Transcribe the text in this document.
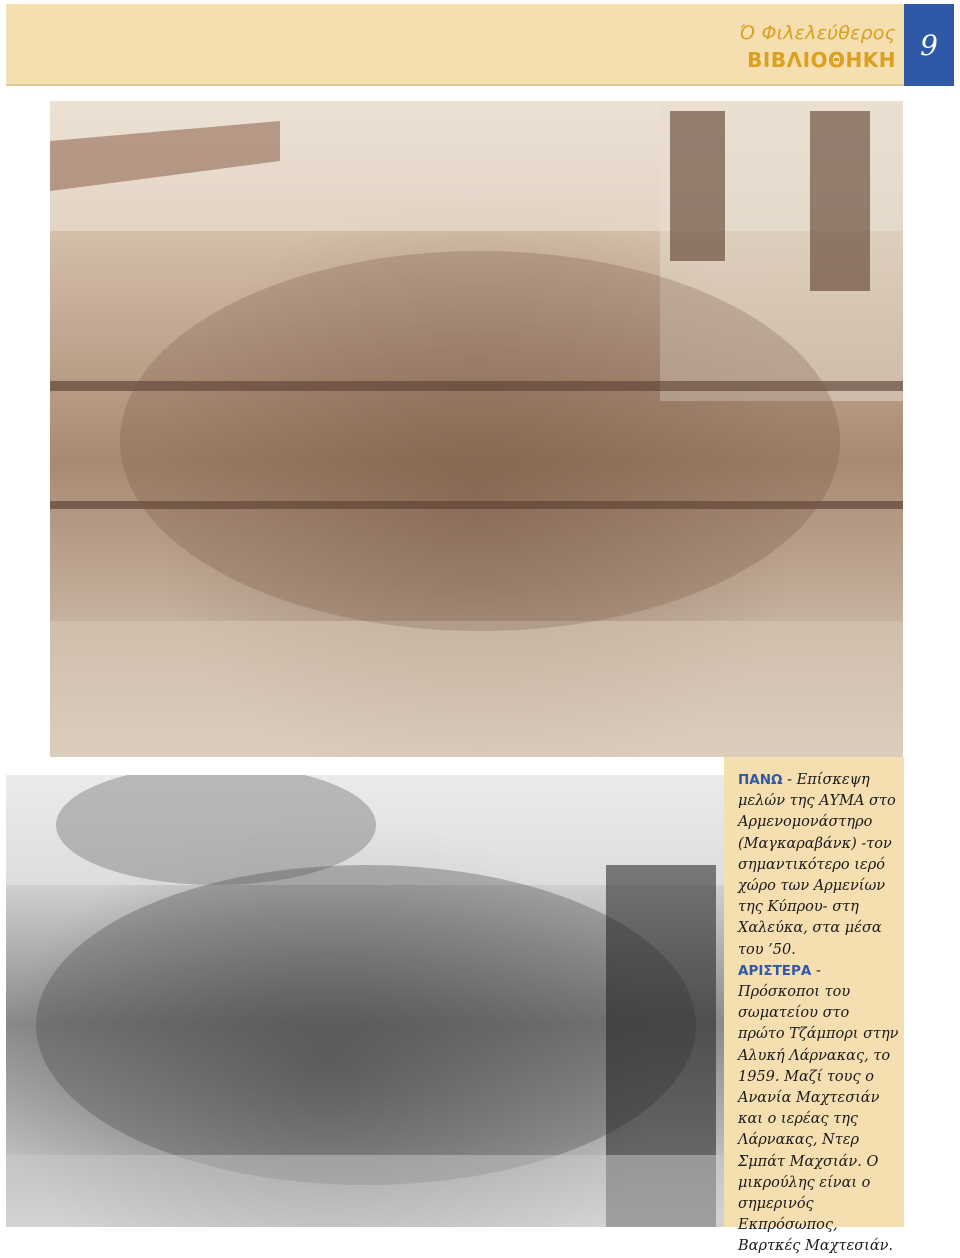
Ό Φιλελεύθερος
ΒΙΒΛΙΟΘΗΚΗ 9

ΠΑΝΩ - Επίσκεψη μελών της ΑΥΜΑ στο Αρμενομονάστηρο (Μαγκαραβάνκ) -τον σημαντικότερο ιερό χώρο των Αρμενίων της Κύπρου- στη Χαλεύκα, στα μέσα του ’50.

ΑΡΙΣΤΕΡΑ - Πρόσκοποι του σωματείου στο πρώτο Τζάμπορι στην Αλυκή Λάρνακας, το 1959. Μαζί τους ο Ανανία Μαχτεσιάν και ο ιερέας της Λάρνακας, Ντερ Σμπάτ Μαχσιάν. Ο μικρούλης είναι ο σημερινός Εκπρόσωπος, Βαρτκές Μαχτεσιάν.
